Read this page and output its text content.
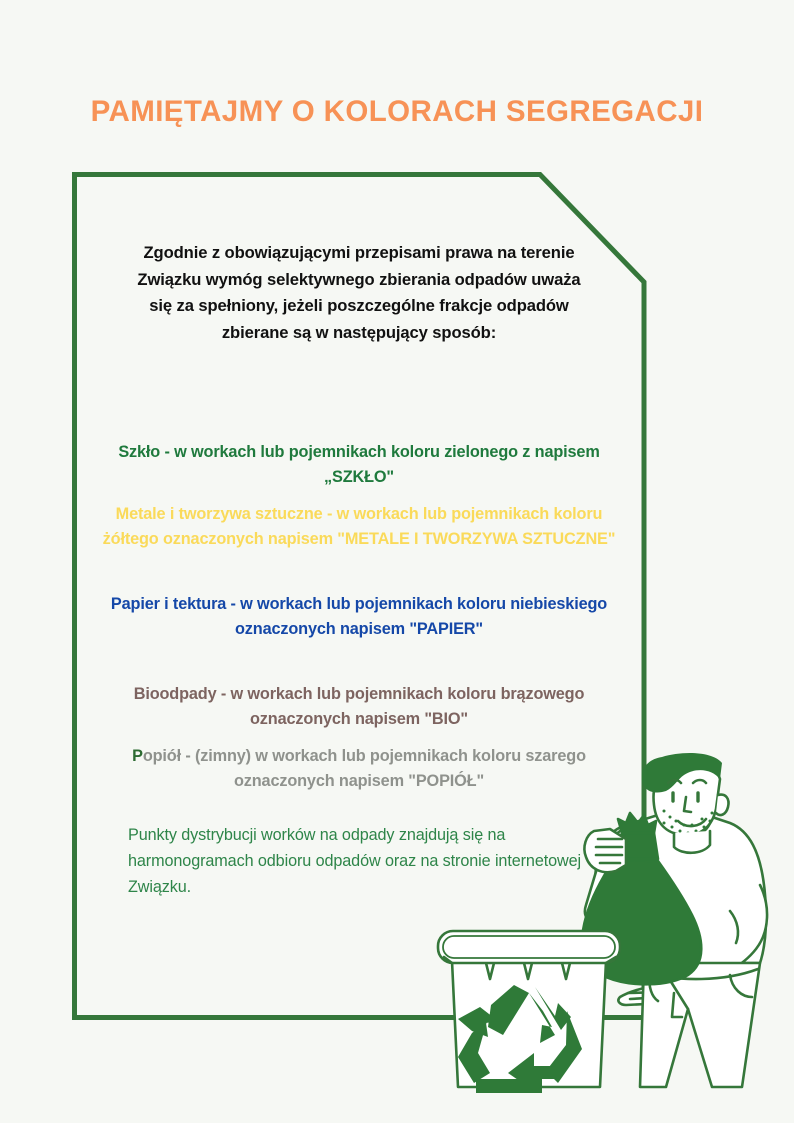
PAMIĘTAJMY O KOLORACH SEGREGACJI
Zgodnie z obowiązującymi przepisami prawa na terenie Związku wymóg selektywnego zbierania odpadów uważa się za spełniony, jeżeli poszczególne frakcje odpadów zbierane są w następujący sposób:
Szkło - w workach lub pojemnikach koloru zielonego z napisem „SZKŁO"
Metale i tworzywa sztuczne - w workach lub pojemnikach koloru żółtego oznaczonych napisem "METALE I TWORZYWA SZTUCZNE"
Papier i tektura - w workach lub pojemnikach koloru niebieskiego oznaczonych napisem "PAPIER"
Bioodpady - w workach lub pojemnikach koloru brązowego oznaczonych napisem "BIO"
Popiół - (zimny) w workach lub pojemnikach koloru szarego oznaczonych napisem "POPIÓŁ"
Punkty dystrybucji worków na odpady znajdują się na harmonogramach odbioru odpadów oraz na stronie internetowej Związku.
